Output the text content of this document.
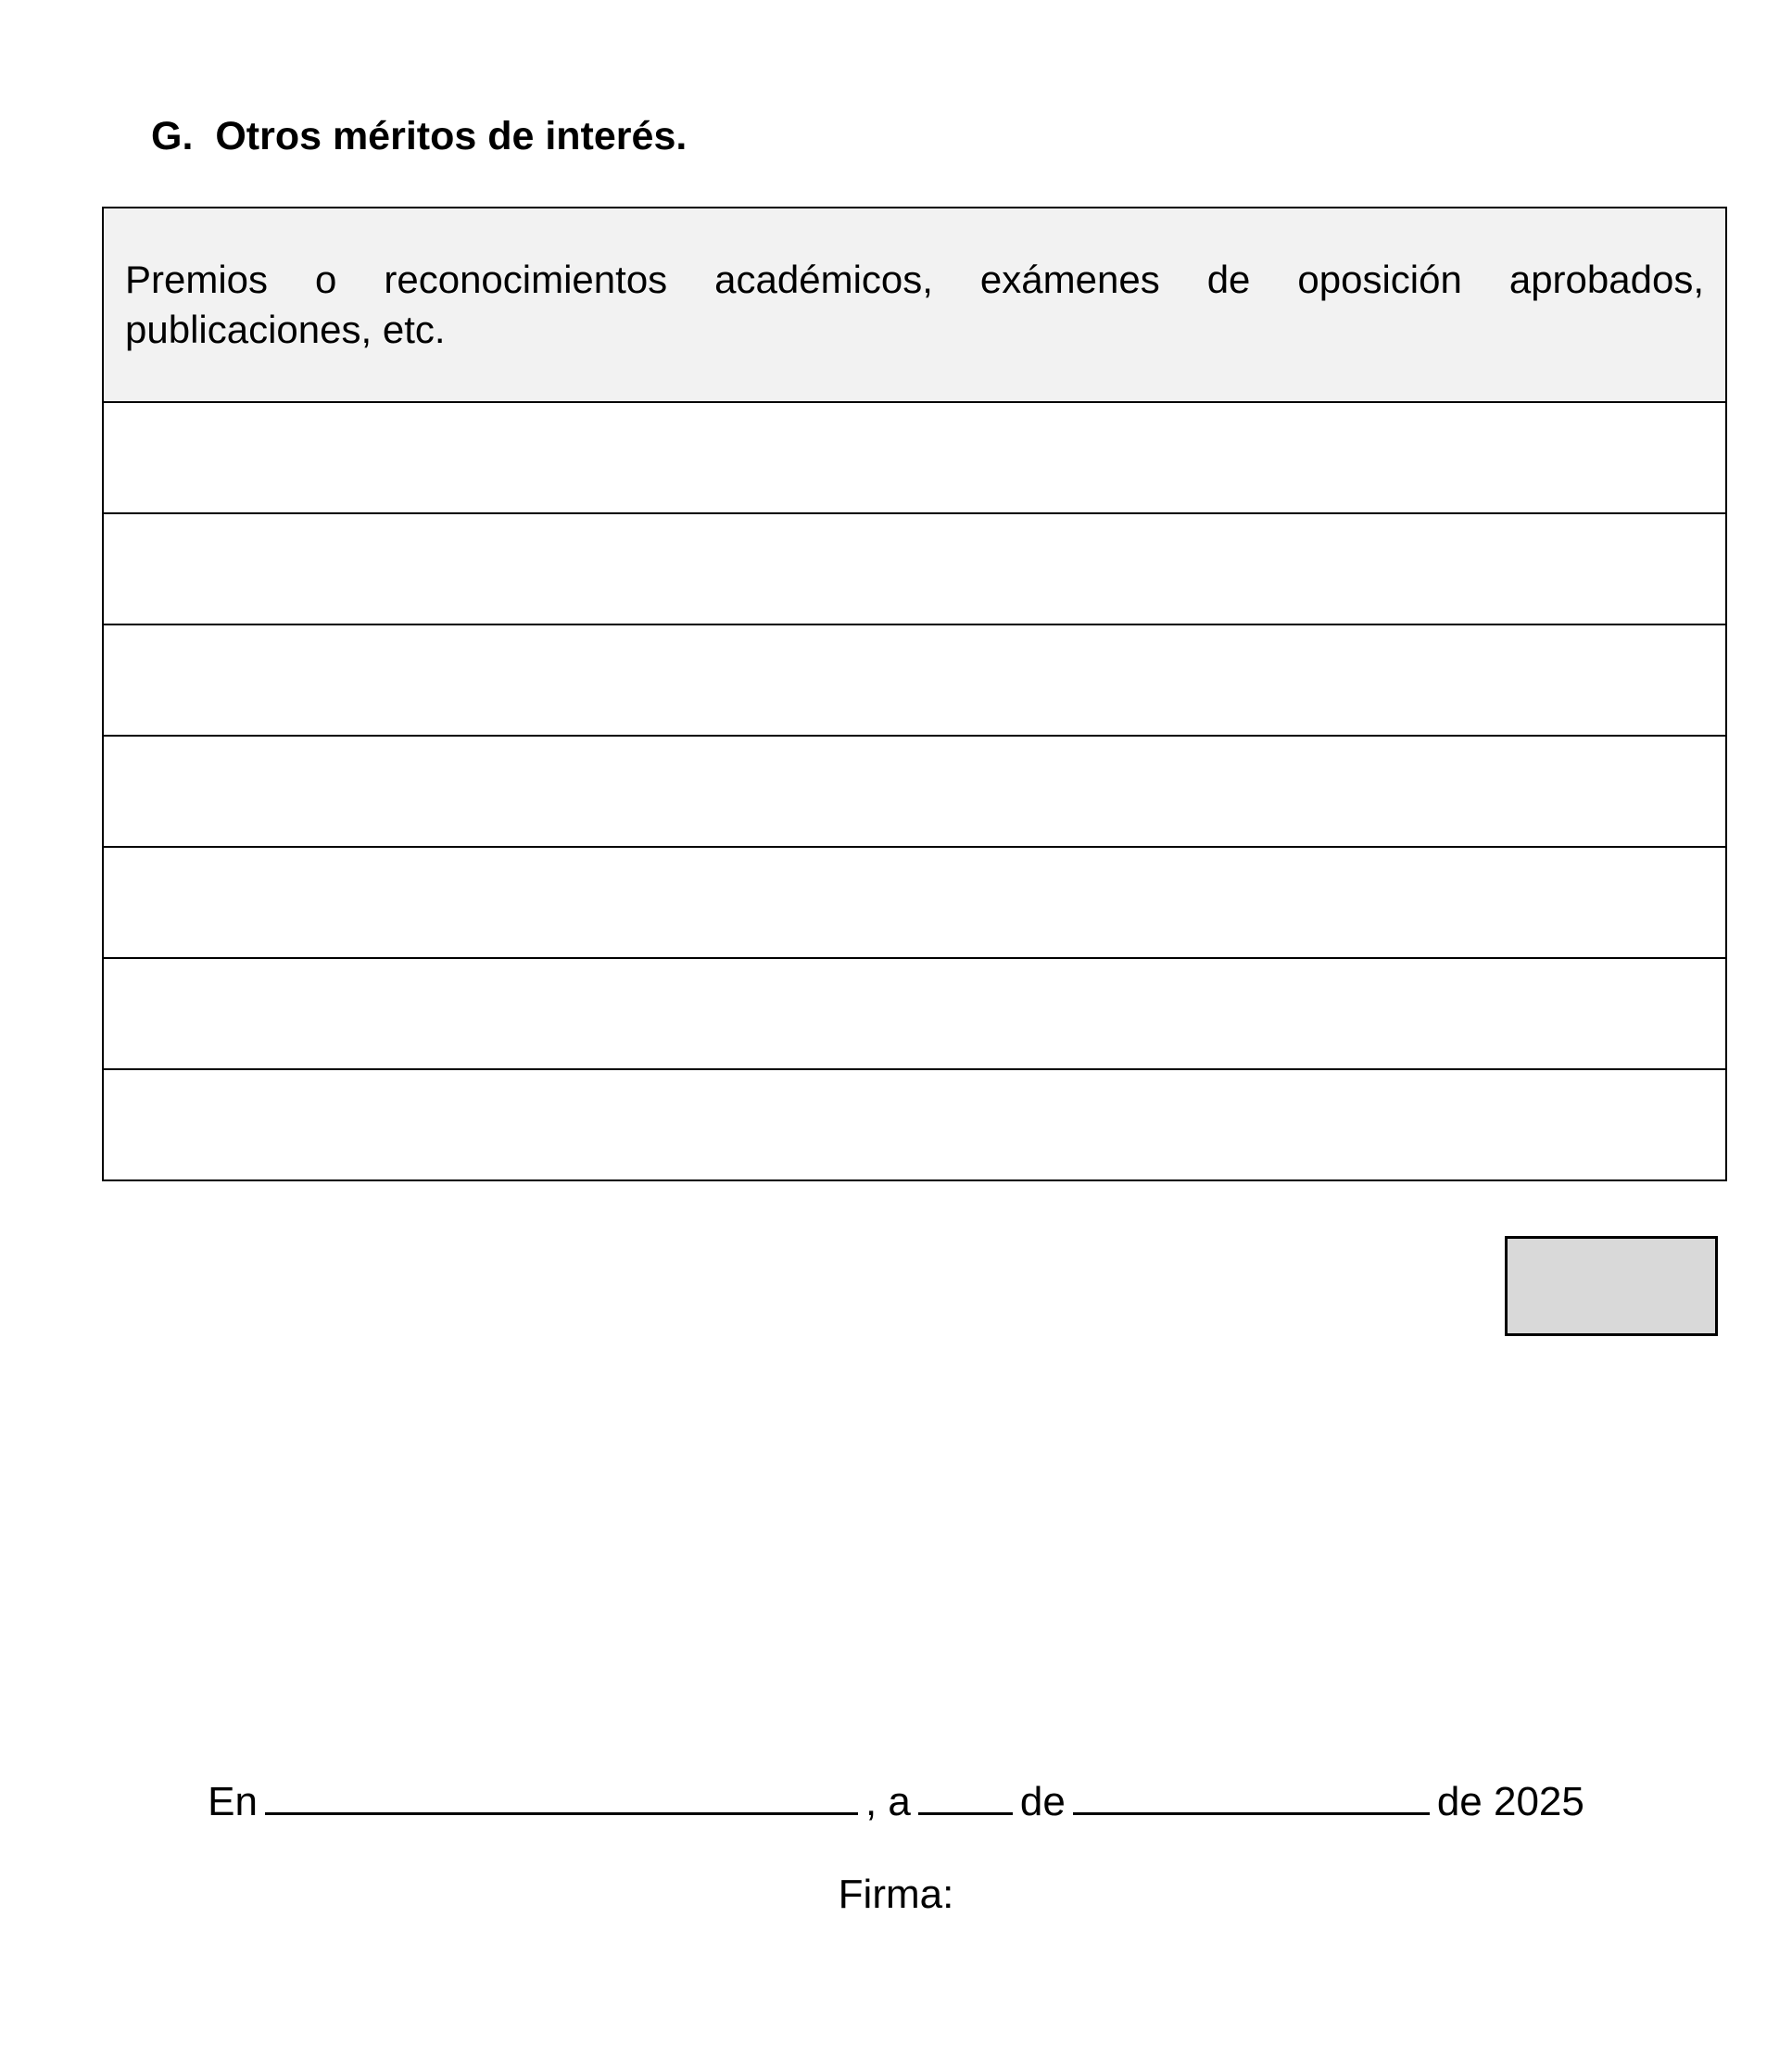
G. Otros méritos de interés.
Premios o reconocimientos académicos, exámenes de oposición aprobados, publicaciones, etc.

En	, a	de	de 2025
Firma:
